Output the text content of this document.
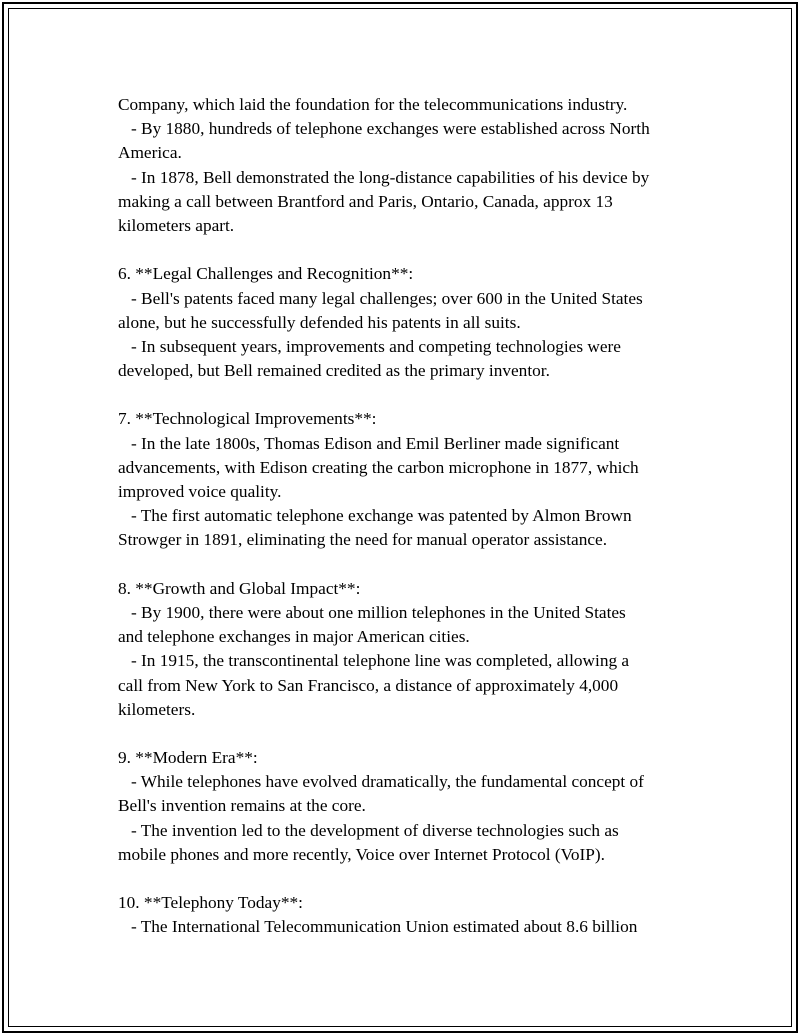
Company, which laid the foundation for the telecommunications industry.
- By 1880, hundreds of telephone exchanges were established across North
America.
- In 1878, Bell demonstrated the long-distance capabilities of his device by
making a call between Brantford and Paris, Ontario, Canada, approx 13
kilometers apart.
6. **Legal Challenges and Recognition**:
- Bell's patents faced many legal challenges; over 600 in the United States
alone, but he successfully defended his patents in all suits.
- In subsequent years, improvements and competing technologies were
developed, but Bell remained credited as the primary inventor.
7. **Technological Improvements**:
- In the late 1800s, Thomas Edison and Emil Berliner made significant
advancements, with Edison creating the carbon microphone in 1877, which
improved voice quality.
- The first automatic telephone exchange was patented by Almon Brown
Strowger in 1891, eliminating the need for manual operator assistance.
8. **Growth and Global Impact**:
- By 1900, there were about one million telephones in the United States
and telephone exchanges in major American cities.
- In 1915, the transcontinental telephone line was completed, allowing a
call from New York to San Francisco, a distance of approximately 4,000
kilometers.
9. **Modern Era**:
- While telephones have evolved dramatically, the fundamental concept of
Bell's invention remains at the core.
- The invention led to the development of diverse technologies such as
mobile phones and more recently, Voice over Internet Protocol (VoIP).
10. **Telephony Today**:
- The International Telecommunication Union estimated about 8.6 billion
